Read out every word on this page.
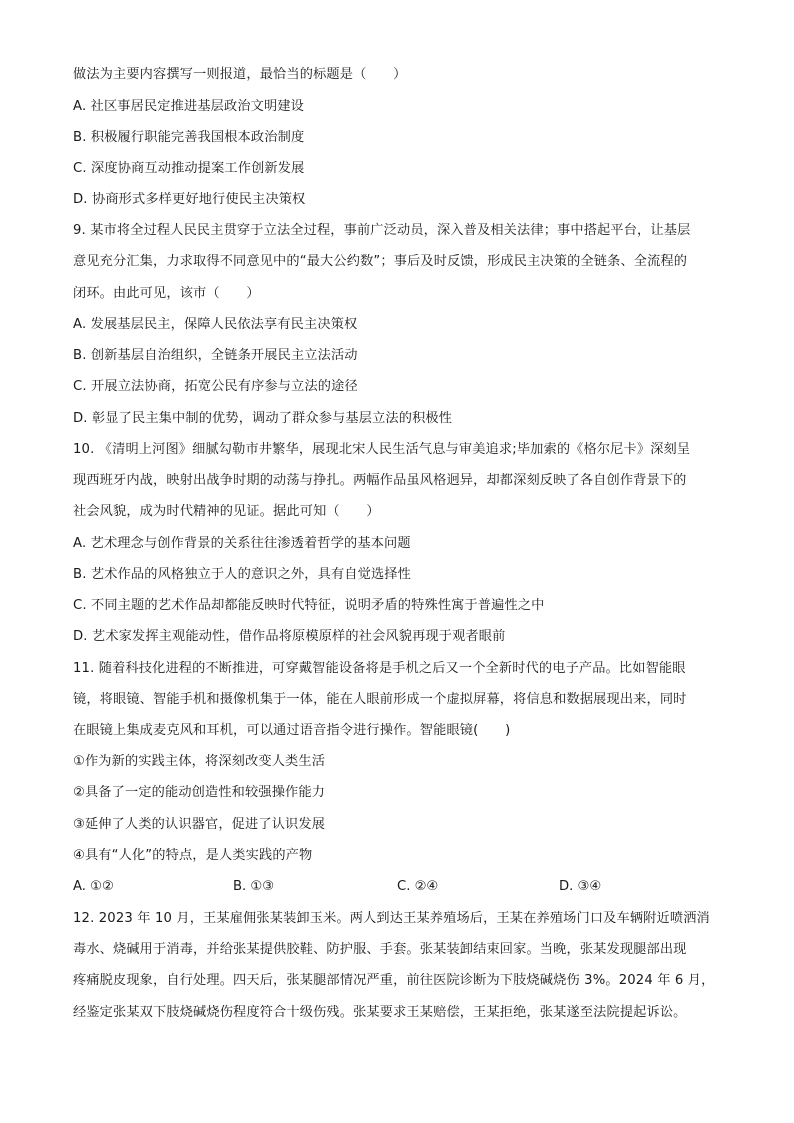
做法为主要内容撰写一则报道，最恰当的标题是（　　）
A. 社区事居民定推进基层政治文明建设
B. 积极履行职能完善我国根本政治制度
C. 深度协商互动推动提案工作创新发展
D. 协商形式多样更好地行使民主决策权
9. 某市将全过程人民民主贯穿于立法全过程，事前广泛动员，深入普及相关法律；事中搭起平台，让基层
意见充分汇集，力求取得不同意见中的“最大公约数”；事后及时反馈，形成民主决策的全链条、全流程的
闭环。由此可见，该市（　　）
A. 发展基层民主，保障人民依法享有民主决策权
B. 创新基层自治组织，全链条开展民主立法活动
C. 开展立法协商，拓宽公民有序参与立法的途径
D. 彰显了民主集中制的优势，调动了群众参与基层立法的积极性
10. 《清明上河图》细腻勾勒市井繁华，展现北宋人民生活气息与审美追求;毕加索的《格尔尼卡》深刻呈
现西班牙内战，映射出战争时期的动荡与挣扎。两幅作品虽风格迥异，却都深刻反映了各自创作背景下的
社会风貌，成为时代精神的见证。据此可知（　　）
A. 艺术理念与创作背景的关系往往渗透着哲学的基本问题
B. 艺术作品的风格独立于人的意识之外，具有自觉选择性
C. 不同主题的艺术作品却都能反映时代特征，说明矛盾的特殊性寓于普遍性之中
D. 艺术家发挥主观能动性，借作品将原模原样的社会风貌再现于观者眼前
11. 随着科技化进程的不断推进，可穿戴智能设备将是手机之后又一个全新时代的电子产品。比如智能眼
镜，将眼镜、智能手机和摄像机集于一体，能在人眼前形成一个虚拟屏幕，将信息和数据展现出来，同时
在眼镜上集成麦克风和耳机，可以通过语音指令进行操作。智能眼镜(　　)
①作为新的实践主体，将深刻改变人类生活
②具备了一定的能动创造性和较强操作能力
③延伸了人类的认识器官，促进了认识发展
④具有“人化”的特点，是人类实践的产物
A. ①②	B. ①③	C. ②④	D. ③④
12. 2023 年 10 月，王某雇佣张某装卸玉米。两人到达王某养殖场后，王某在养殖场门口及车辆附近喷洒消
毒水、烧碱用于消毒，并给张某提供胶鞋、防护服、手套。张某装卸结束回家。当晚，张某发现腿部出现
疼痛脱皮现象，自行处理。四天后，张某腿部情况严重，前往医院诊断为下肢烧碱烧伤 3%。2024 年 6 月，
经鉴定张某双下肢烧碱烧伤程度符合十级伤残。张某要求王某赔偿，王某拒绝，张某遂至法院提起诉讼。
